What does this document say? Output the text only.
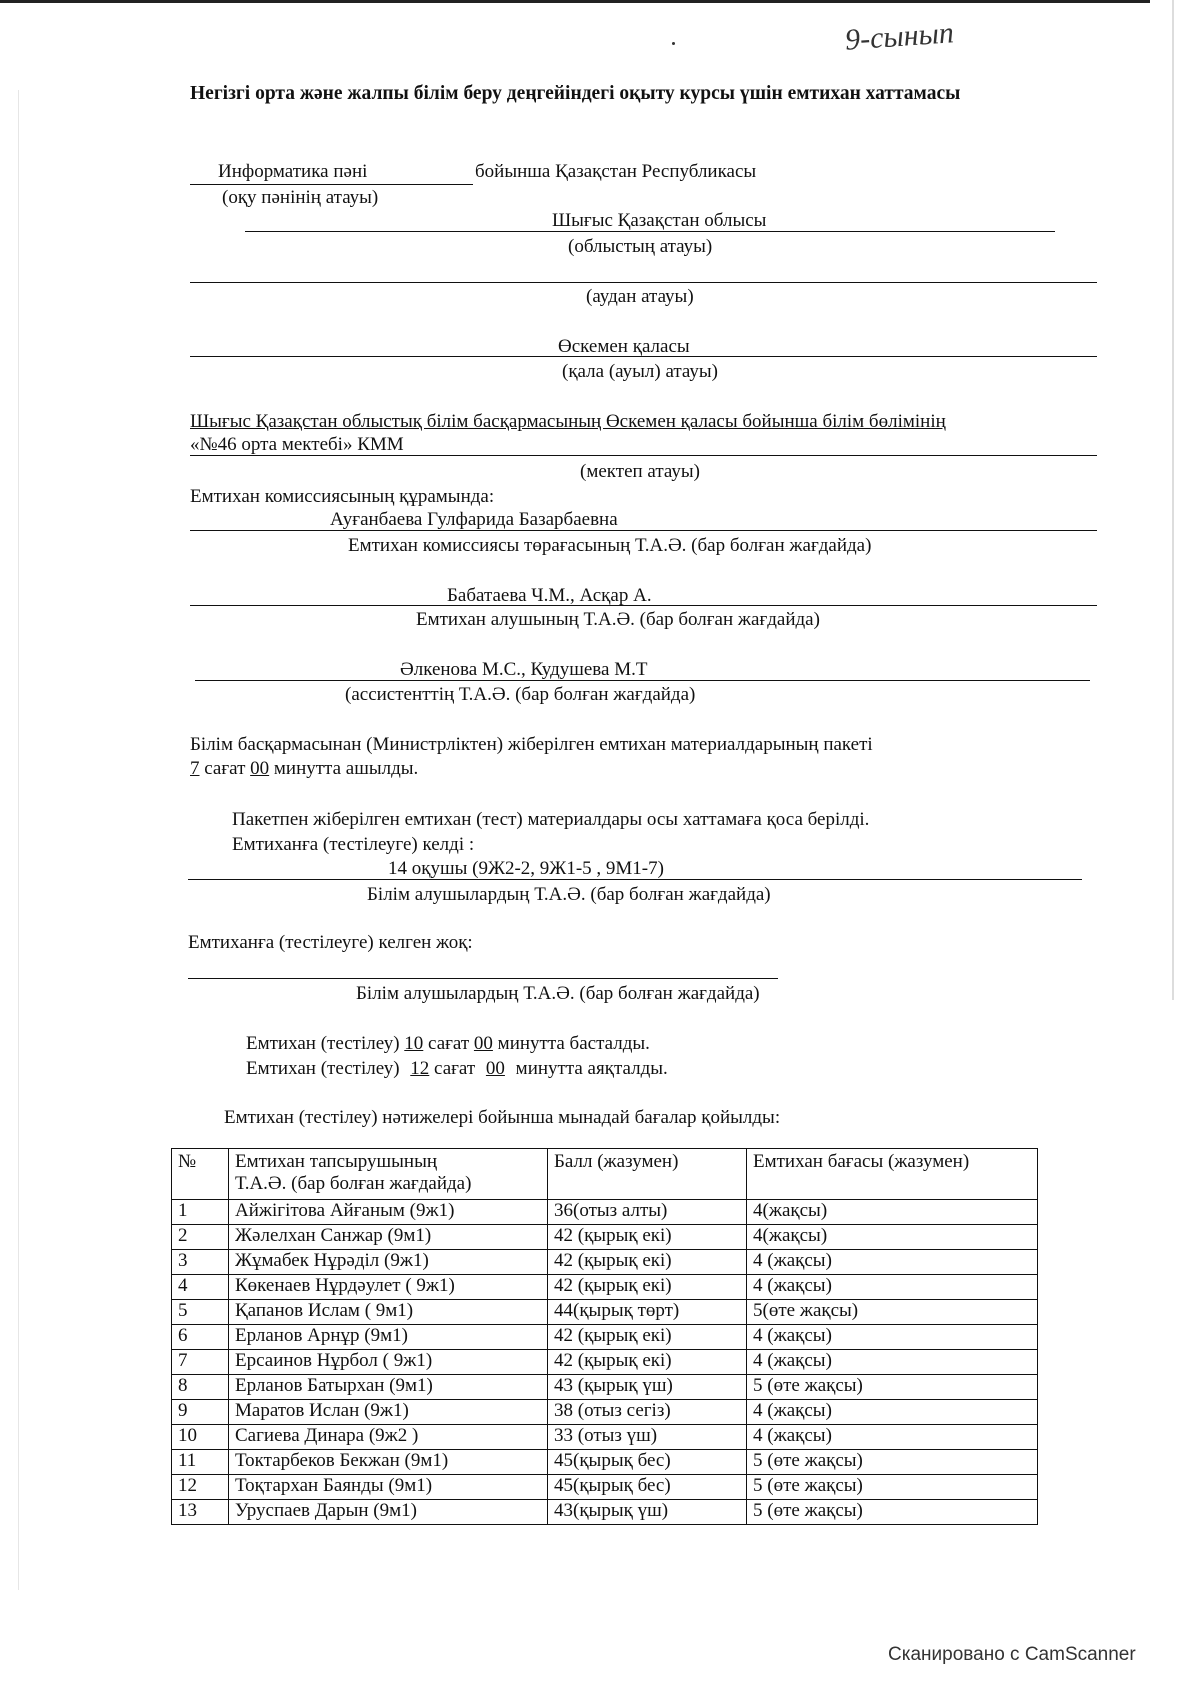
9-сынып
Негізгі орта және жалпы білім беру деңгейіндегі оқыту курсы үшін емтихан хаттамасы
Информатика пәні	бойынша Қазақстан Республикасы
(оқу пәнінің атауы)
Шығыс Қазақстан облысы
(облыстың атауы)
(аудан атауы)
Өскемен қаласы
(қала (ауыл) атауы)
Шығыс Қазақстан облыстық білім басқармасының Өскемен қаласы бойынша білім бөлімінің
«№46 орта мектебі» КММ
(мектеп атауы)
Емтихан комиссиясының құрамында:
Ауғанбаева Гулфарида Базарбаевна
Емтихан комиссиясы төрағасының Т.А.Ә. (бар болған жағдайда)
Бабатаева Ч.М., Асқар А.
Емтихан алушының Т.А.Ә. (бар болған жағдайда)
Әлкенова М.С., Кудушева М.Т
(ассистенттің Т.А.Ә. (бар болған жағдайда)
Білім басқармасынан (Министрліктен) жіберілген емтихан материалдарының пакеті
7 сағат 00 минутта ашылды.
Пакетпен жіберілген емтихан (тест) материалдары осы хаттамаға қоса берілді.
Емтиханға (тестілеуге) келді :
14 оқушы (9Ж2-2, 9Ж1-5 , 9М1-7)
Білім алушылардың Т.А.Ә. (бар болған жағдайда)
Емтиханға (тестілеуге) келген жоқ:
Білім алушылардың Т.А.Ә. (бар болған жағдайда)
Емтихан (тестілеу) 10 сағат 00 минутта басталды.
Емтихан (тестілеу) 12 сағат 00 минутта аяқталды.
Емтихан (тестілеу) нәтижелері бойынша мынадай бағалар қойылды:
№	Емтихан тапсырушының
Т.А.Ә. (бар болған жағдайда)	Балл (жазумен)	Емтихан бағасы (жазумен)
1	Айжігітова Айғаным (9ж1)	36(отыз алты)	4(жақсы)
2	Жәлелхан Санжар (9м1)	42 (қырық екі)	4(жақсы)
3	Жұмабек Нұрәділ (9ж1)	42 (қырық екі)	4 (жақсы)
4	Көкенаев Нұрдәулет ( 9ж1)	42 (қырық екі)	4 (жақсы)
5	Қапанов Ислам ( 9м1)	44(қырық төрт)	5(өте жақсы)
6	Ерланов Арнұр (9м1)	42 (қырық екі)	4 (жақсы)
7	Ерсаинов Нұрбол ( 9ж1)	42 (қырық екі)	4 (жақсы)
8	Ерланов Батырхан (9м1)	43 (қырық үш)	5 (өте жақсы)
9	Маратов Ислан (9ж1)	38 (отыз сегіз)	4 (жақсы)
10	Сагиева Динара (9ж2 )	33 (отыз үш)	4 (жақсы)
11	Токтарбеков Бекжан (9м1)	45(қырық бес)	5 (өте жақсы)
12	Тоқтархан Баянды (9м1)	45(қырық бес)	5 (өте жақсы)
13	Уруспаев Дарын (9м1)	43(қырық үш)	5 (өте жақсы)
Сканировано с CamScanner
